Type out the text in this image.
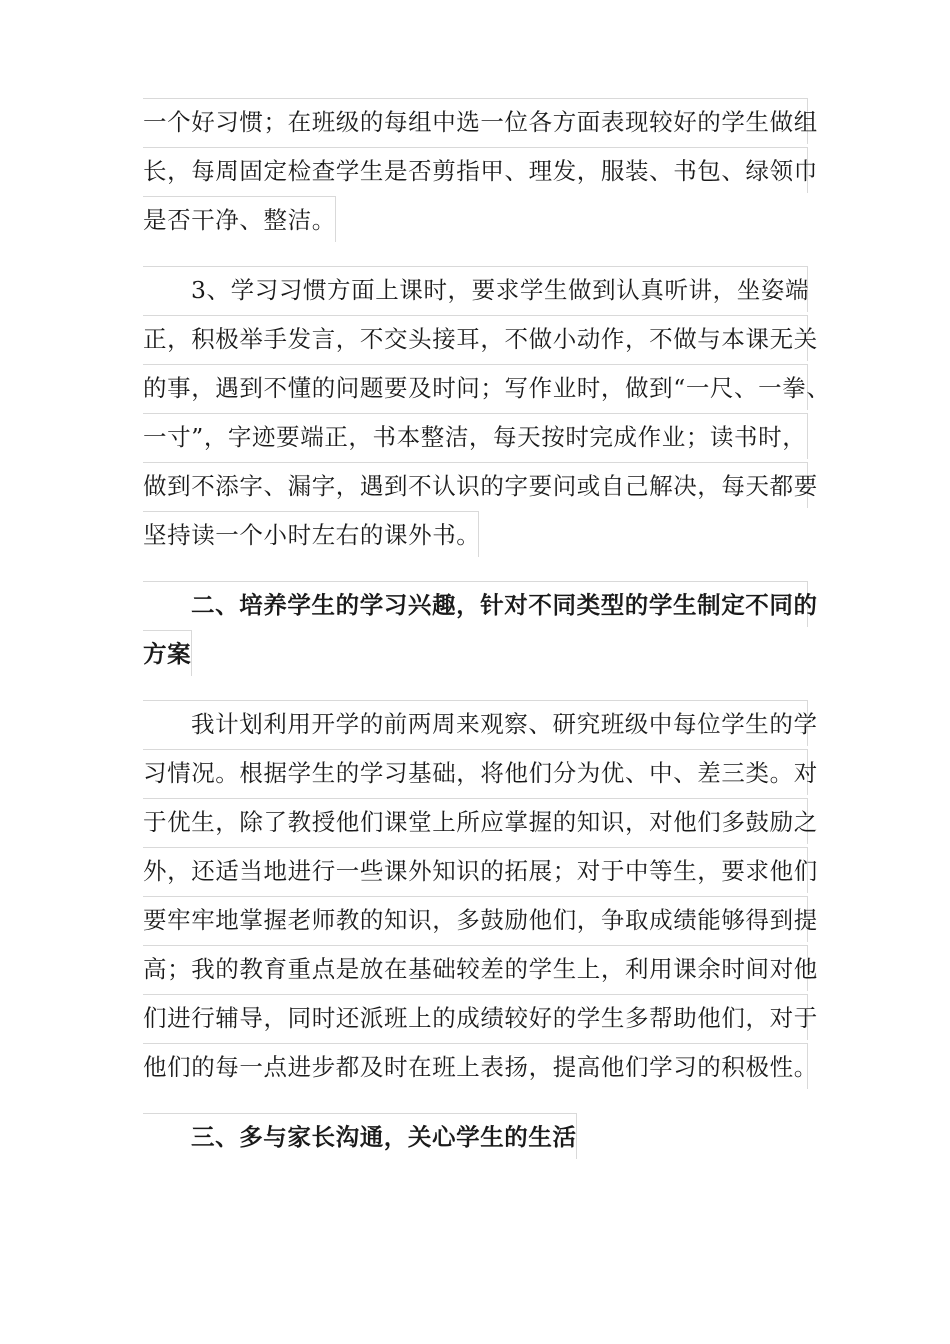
一个好习惯；在班级的每组中选一位各方面表现较好的学生做组
长，每周固定检查学生是否剪指甲、理发，服装、书包、绿领巾
是否干净、整洁。
3、学习习惯方面上课时，要求学生做到认真听讲，坐姿端
正，积极举手发言，不交头接耳，不做小动作，不做与本课无关
的事，遇到不懂的问题要及时问；写作业时，做到“一尺、一拳、
一寸”，字迹要端正，书本整洁，每天按时完成作业；读书时，
做到不添字、漏字，遇到不认识的字要问或自己解决，每天都要
坚持读一个小时左右的课外书。
二、培养学生的学习兴趣，针对不同类型的学生制定不同的
方案
我计划利用开学的前两周来观察、研究班级中每位学生的学
习情况。根据学生的学习基础，将他们分为优、中、差三类。对
于优生，除了教授他们课堂上所应掌握的知识，对他们多鼓励之
外，还适当地进行一些课外知识的拓展；对于中等生，要求他们
要牢牢地掌握老师教的知识，多鼓励他们，争取成绩能够得到提
高；我的教育重点是放在基础较差的学生上，利用课余时间对他
们进行辅导，同时还派班上的成绩较好的学生多帮助他们，对于
他们的每一点进步都及时在班上表扬，提高他们学习的积极性。
三、多与家长沟通，关心学生的生活
